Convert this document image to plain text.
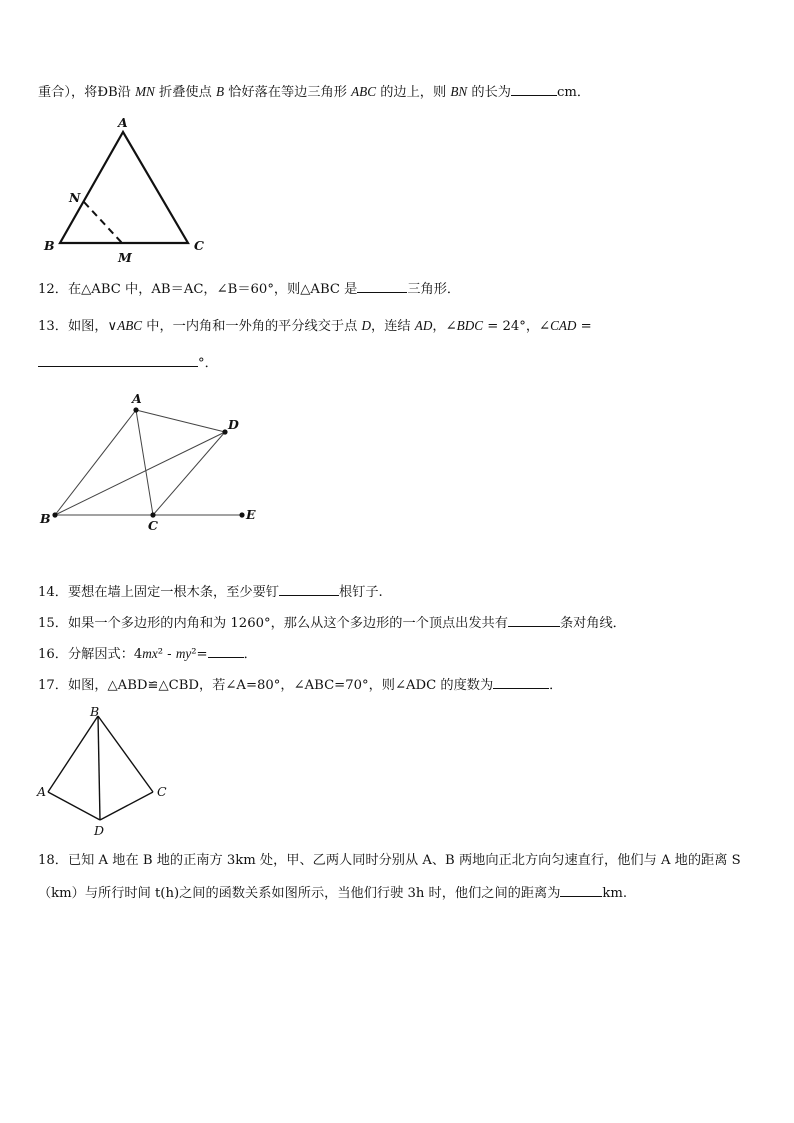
重合），将ÐB沿 MN 折叠使点 B 恰好落在等边三角形 ABC 的边上，则 BN 的长为	cm．
A
N
B	C
M
12．在△ABC 中，AB＝AC，∠B＝60°，则△ABC 是	三角形．
13．如图，∨ABC 中，一内角和一外角的平分线交于点 D，连结 AD，∠BDC = 24°，∠CAD =
°．
A
D
B	C
E
14．要想在墙上固定一根木条，至少要钉	根钉子.
15．如果一个多边形的内角和为 1260°，那么从这个多边形的一个顶点出发共有	条对角线．
16．分解因式：4mx² - my²=	．
17．如图，△ABD≌△CBD，若∠A=80°，∠ABC=70°，则∠ADC 的度数为	．
B
A	C
D
18．已知 A 地在 B 地的正南方 3km 处，甲、乙两人同时分别从 A、B 两地向正北方向匀速直行，他们与 A 地的距离 S
（km）与所行时间 t(h)之间的函数关系如图所示，当他们行驶 3h 时，他们之间的距离为	km.
